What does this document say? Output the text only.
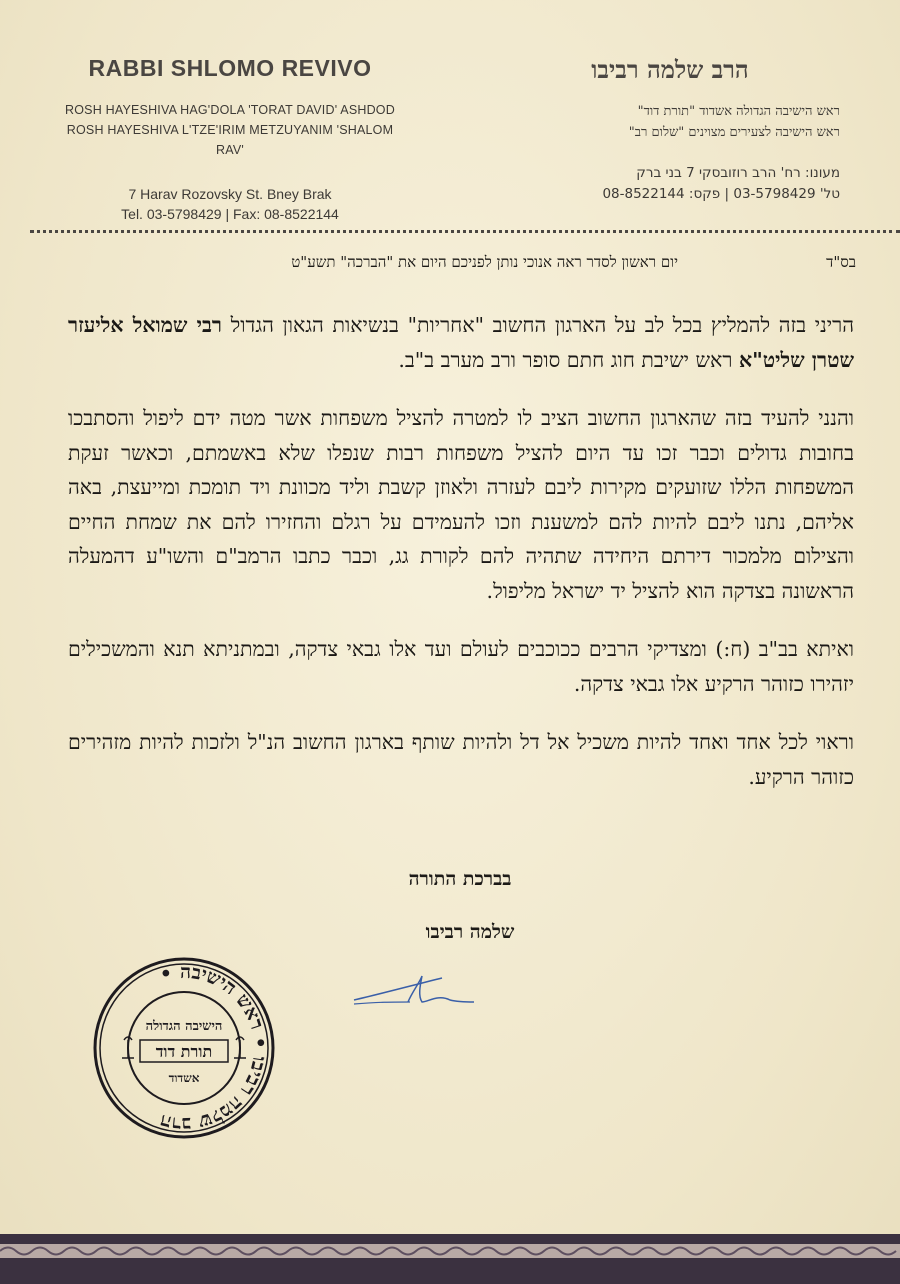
RABBI SHLOMO REVIVO
ROSH HAYESHIVA HAG'DOLA 'TORAT DAVID' ASHDOD
ROSH HAYESHIVA L'TZE'IRIM METZUYANIM 'SHALOM RAV'
7 Harav Rozovsky St. Bney Brak
Tel. 03-5798429 | Fax: 08-8522144
הרב שלמה רביבו
ראש הישיבה הגדולה אשדוד "תורת דוד"
ראש הישיבה לצעירים מצוינים "שלום רב"
מעונו: רח' הרב רוזובסקי 7 בני ברק
טל' 03-5798429 | פקס: 08-8522144
בס"ד
יום ראשון לסדר ראה אנוכי נותן לפניכם היום את "הברכה" תשע"ט

הריני בזה להמליץ בכל לב על הארגון החשוב "אחריות" בנשיאות הגאון הגדול רבי שמואל אליעזר שטרן שליט"א ראש ישיבת חוג חתם סופר ורב מערב ב"ב.

והנני להעיד בזה שהארגון החשוב הציב לו למטרה להציל משפחות אשר מטה ידם ליפול והסתבכו בחובות גדולים וכבר זכו עד היום להציל משפחות רבות שנפלו שלא באשמתם, וכאשר זעקת המשפחות הללו שזועקים מקירות ליבם לעזרה ולאוזן קשבת וליד מכוונת ויד תומכת ומייעצת, באה אליהם, נתנו ליבם להיות להם למשענת וזכו להעמידם על רגלם והחזירו להם את שמחת החיים והצילום מלמכור דירתם היחידה שתהיה להם לקורת גג, וכבר כתבו הרמב"ם והשו"ע דהמעלה הראשונה בצדקה הוא להציל יד ישראל מליפול.

ואיתא בב"ב (ח:) ומצדיקי הרבים ככוכבים לעולם ועד אלו גבאי צדקה, ובמתניתא תנא והמשכילים יזהירו כזוהר הרקיע אלו גבאי צדקה.

וראוי לכל אחד ואחד להיות משכיל אל דל ולהיות שותף בארגון החשוב הנ"ל ולזכות להיות מזהירים כזוהר הרקיע.

בברכת התורה
שלמה רביבו
הרב שלמה רביבו • ראש הישיבה •
הישיבה הגדולה
תורת דוד
אשדוד
